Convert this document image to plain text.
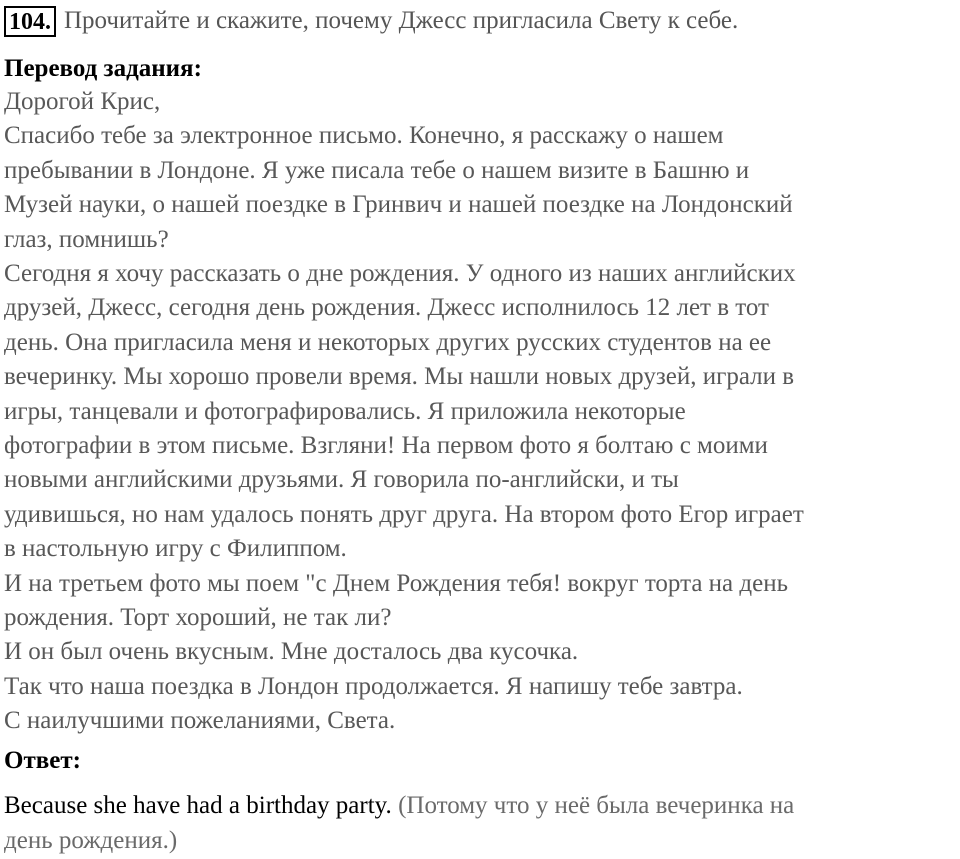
104. Прочитайте и скажите, почему Джесс пригласила Свету к себе.
Перевод задания:
Дорогой Крис,
Спасибо тебе за электронное письмо. Конечно, я расскажу о нашем
пребывании в Лондоне. Я уже писала тебе о нашем визите в Башню и
Музей науки, о нашей поездке в Гринвич и нашей поездке на Лондонский
глаз, помнишь?
Сегодня я хочу рассказать о дне рождения. У одного из наших английских
друзей, Джесс, сегодня день рождения. Джесс исполнилось 12 лет в тот
день. Она пригласила меня и некоторых других русских студентов на ее
вечеринку. Мы хорошо провели время. Мы нашли новых друзей, играли в
игры, танцевали и фотографировались. Я приложила некоторые
фотографии в этом письме. Взгляни! На первом фото я болтаю с моими
новыми английскими друзьями. Я говорила по-английски, и ты
удивишься, но нам удалось понять друг друга. На втором фото Егор играет
в настольную игру с Филиппом.
И на третьем фото мы поем "с Днем Рождения тебя! вокруг торта на день
рождения. Торт хороший, не так ли?
И он был очень вкусным. Мне досталось два кусочка.
Так что наша поездка в Лондон продолжается. Я напишу тебе завтра.
С наилучшими пожеланиями, Света.
Ответ:
Because she have had a birthday party. (Потому что у неё была вечеринка на
день рождения.)
